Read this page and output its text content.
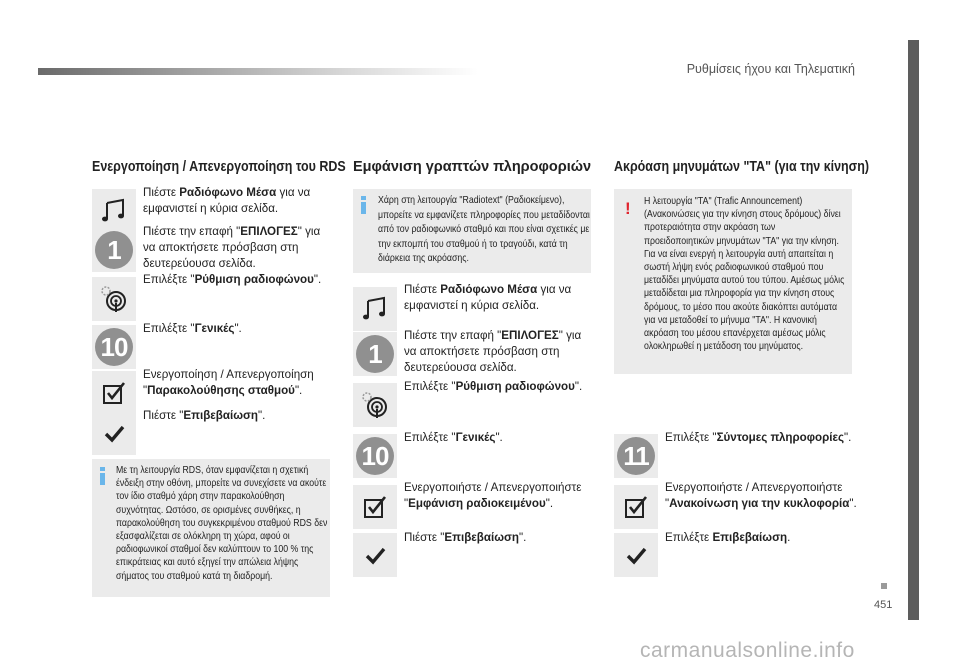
Ρυθμίσεις ήχου και Τηλεματική
451
carmanualsonline.info
Ενεργοποίηση / Απενεργοποίηση του RDS
Πιέστε Ραδιόφωνο Μέσα για να εμφανιστεί η κύρια σελίδα.
1
Πιέστε την επαφή "ΕΠΙΛΟΓΕΣ" για να αποκτήσετε πρόσβαση στη δευτερεύουσα σελίδα.
Επιλέξτε "Ρύθμιση ραδιοφώνου".
10
Επιλέξτε "Γενικές".
Ενεργοποίηση / Απενεργοποίηση "Παρακολούθησης σταθμού".
Πιέστε "Επιβεβαίωση".
Με τη λειτουργία RDS, όταν εμφανίζεται η σχετική ένδειξη στην οθόνη, μπορείτε να συνεχίσετε να ακούτε τον ίδιο σταθμό χάρη στην παρακολούθηση συχνότητας. Ωστόσο, σε ορισμένες συνθήκες, η παρακολούθηση του συγκεκριμένου σταθμού RDS δεν εξασφαλίζεται σε ολόκληρη τη χώρα, αφού οι ραδιοφωνικοί σταθμοί δεν καλύπτουν το 100 % της επικράτειας και αυτό εξηγεί την απώλεια λήψης σήματος του σταθμού κατά τη διαδρομή.
Εμφάνιση γραπτών πληροφοριών
Χάρη στη λειτουργία "Radiotext" (Ραδιοκείμενο), μπορείτε να εμφανίζετε πληροφορίες που μεταδίδονται από τον ραδιοφωνικό σταθμό και που είναι σχετικές με την εκπομπή του σταθμού ή το τραγούδι, κατά τη διάρκεια της ακρόασης.
Πιέστε Ραδιόφωνο Μέσα για να εμφανιστεί η κύρια σελίδα.
1
Πιέστε την επαφή "ΕΠΙΛΟΓΕΣ" για να αποκτήσετε πρόσβαση στη δευτερεύουσα σελίδα.
Επιλέξτε "Ρύθμιση ραδιοφώνου".
10
Επιλέξτε "Γενικές".
Ενεργοποιήστε / Απενεργοποιήστε "Εμφάνιση ραδιοκειμένου".
Πιέστε "Επιβεβαίωση".
Ακρόαση μηνυμάτων "TA" (για την κίνηση)
! Η λειτουργία "TA" (Trafic Announcement) (Ανακοινώσεις για την κίνηση στους δρόμους) δίνει προτεραιότητα στην ακρόαση των προειδοποιητικών μηνυμάτων "TA" για την κίνηση. Για να είναι ενεργή η λειτουργία αυτή απαιτείται η σωστή λήψη ενός ραδιοφωνικού σταθμού που μεταδίδει μηνύματα αυτού του τύπου. Αμέσως μόλις μεταδίδεται μια πληροφορία για την κίνηση στους δρόμους, το μέσο που ακούτε διακόπτει αυτόματα για να μεταδοθεί το μήνυμα "TA". Η κανονική ακρόαση του μέσου επανέρχεται αμέσως μόλις ολοκληρωθεί η μετάδοση του μηνύματος.
11
Επιλέξτε "Σύντομες πληροφορίες".
Ενεργοποιήστε / Απενεργοποιήστε "Ανακοίνωση για την κυκλοφορία".
Επιλέξτε Επιβεβαίωση.
